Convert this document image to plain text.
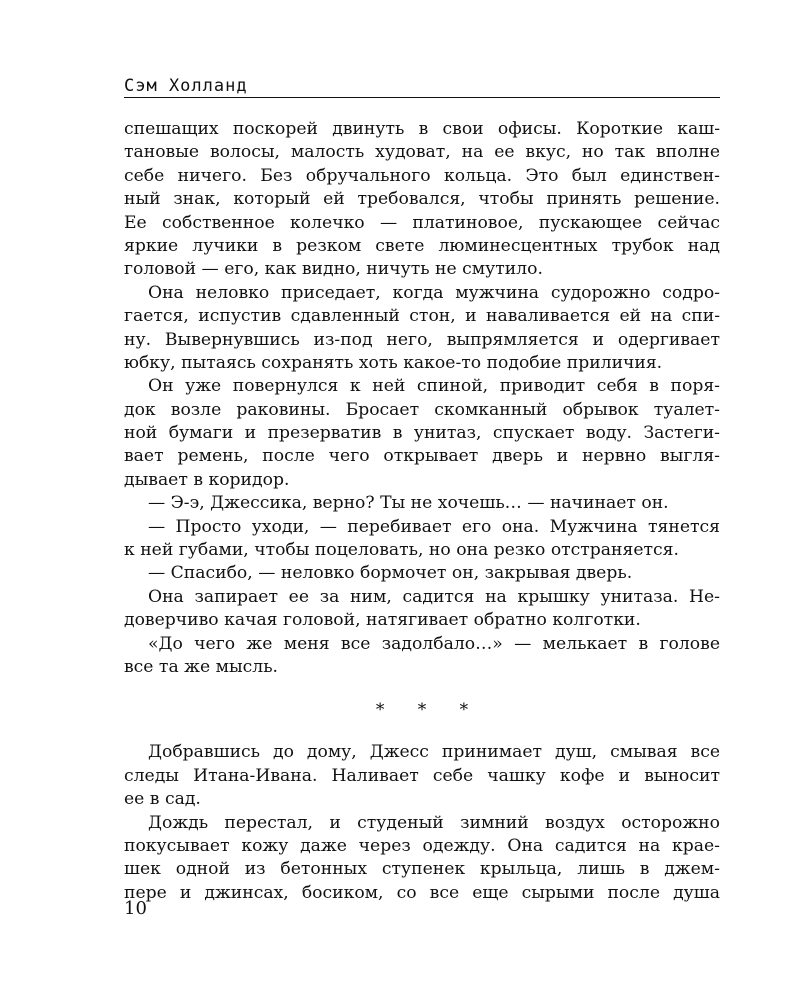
Сэм Холланд
спешащих поскорей двинуть в свои офисы. Короткие каш-
тановые волосы, малость худоват, на ее вкус, но так вполне
себе ничего. Без обручального кольца. Это был единствен-
ный знак, который ей требовался, чтобы принять решение.
Ее собственное колечко — платиновое, пускающее сейчас
яркие лучики в резком свете люминесцентных трубок над
головой — его, как видно, ничуть не смутило.
Она неловко приседает, когда мужчина судорожно содро-
гается, испустив сдавленный стон, и наваливается ей на спи-
ну. Вывернувшись из-под него, выпрямляется и одергивает
юбку, пытаясь сохранять хоть какое-то подобие приличия.
Он уже повернулся к ней спиной, приводит себя в поря-
док возле раковины. Бросает скомканный обрывок туалет-
ной бумаги и презерватив в унитаз, спускает воду. Застеги-
вает ремень, после чего открывает дверь и нервно выгля-
дывает в коридор.
— Э-э, Джессика, верно? Ты не хочешь… — начинает он.
— Просто уходи, — перебивает его она. Мужчина тянется
к ней губами, чтобы поцеловать, но она резко отстраняется.
— Спасибо, — неловко бормочет он, закрывая дверь.
Она запирает ее за ним, садится на крышку унитаза. Не-
доверчиво качая головой, натягивает обратно колготки.
«До чего же меня все задолбало…» — мелькает в голове
все та же мысль.
* * *
Добравшись до дому, Джесс принимает душ, смывая все
следы Итана-Ивана. Наливает себе чашку кофе и выносит
ее в сад.
Дождь перестал, и студеный зимний воздух осторожно
покусывает кожу даже через одежду. Она садится на крае-
шек одной из бетонных ступенек крыльца, лишь в джем-
пере и джинсах, босиком, со все еще сырыми после душа
10
